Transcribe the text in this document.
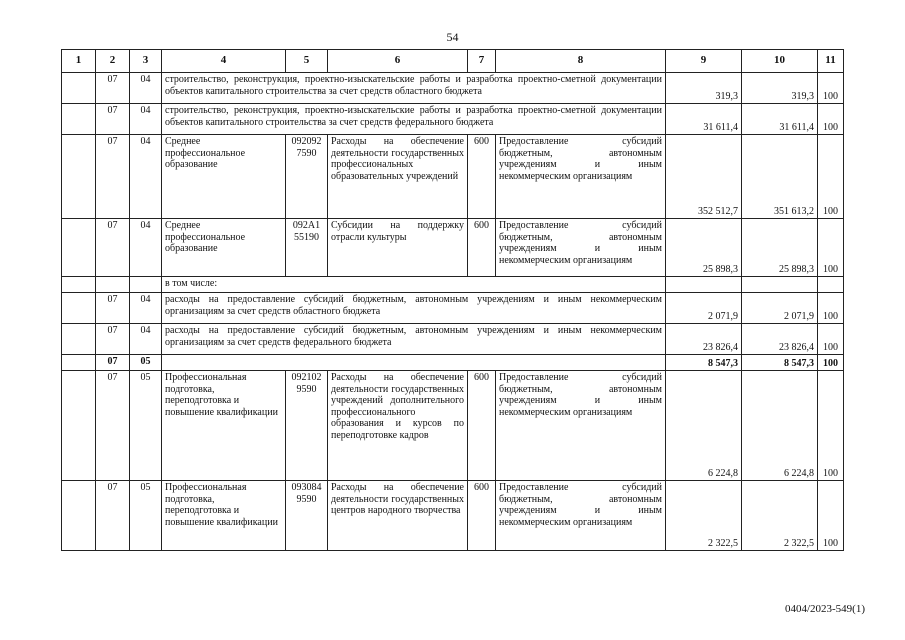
54
1	2	3	4	5	6	7	8	9	10	11
	07	04	строительство, реконструкция, проектно-изыскательские работы и разработка проектно-сметной документации объектов капитального строительства за счет средств областного бюджета					319,3	319,3	100
	07	04	строительство, реконструкция, проектно-изыскательские работы и разработка проектно-сметной документации объектов капитального строительства за счет средств федерального бюджета					31 611,4	31 611,4	100
	07	04	Среднее профессиональное образование	092092 7590	Расходы на обеспечение деятельности государственных профессиональных образовательных учреждений	600	Предоставление субсидий бюджетным, автономным учреждениям и иным некоммерческим организациям	352 512,7	351 613,2	100
	07	04	Среднее профессиональное образование	092А1 55190	Субсидии на поддержку отрасли культуры	600	Предоставление субсидий бюджетным, автономным учреждениям и иным некоммерческим организациям	25 898,3	25 898,3	100
			в том числе:							
	07	04	расходы на предоставление субсидий бюджетным, автономным учреждениям и иным некоммерческим организациям за счет средств областного бюджета					2 071,9	2 071,9	100
	07	04	расходы на предоставление субсидий бюджетным, автономным учреждениям и иным некоммерческим организациям за счет средств федерального бюджета					23 826,4	23 826,4	100
	07	05						8 547,3	8 547,3	100
	07	05	Профессиональная подготовка, переподготовка и повышение квалификации	092102 9590	Расходы на обеспечение деятельности государственных учреждений дополнительного профессионального образования и курсов по переподготовке кадров	600	Предоставление субсидий бюджетным, автономным учреждениям и иным некоммерческим организациям	6 224,8	6 224,8	100
	07	05	Профессиональная подготовка, переподготовка и повышение квалификации	093084 9590	Расходы на обеспечение деятельности государственных центров народного творчества	600	Предоставление субсидий бюджетным, автономным учреждениям и иным некоммерческим организациям	2 322,5	2 322,5	100
0404/2023-549(1)
